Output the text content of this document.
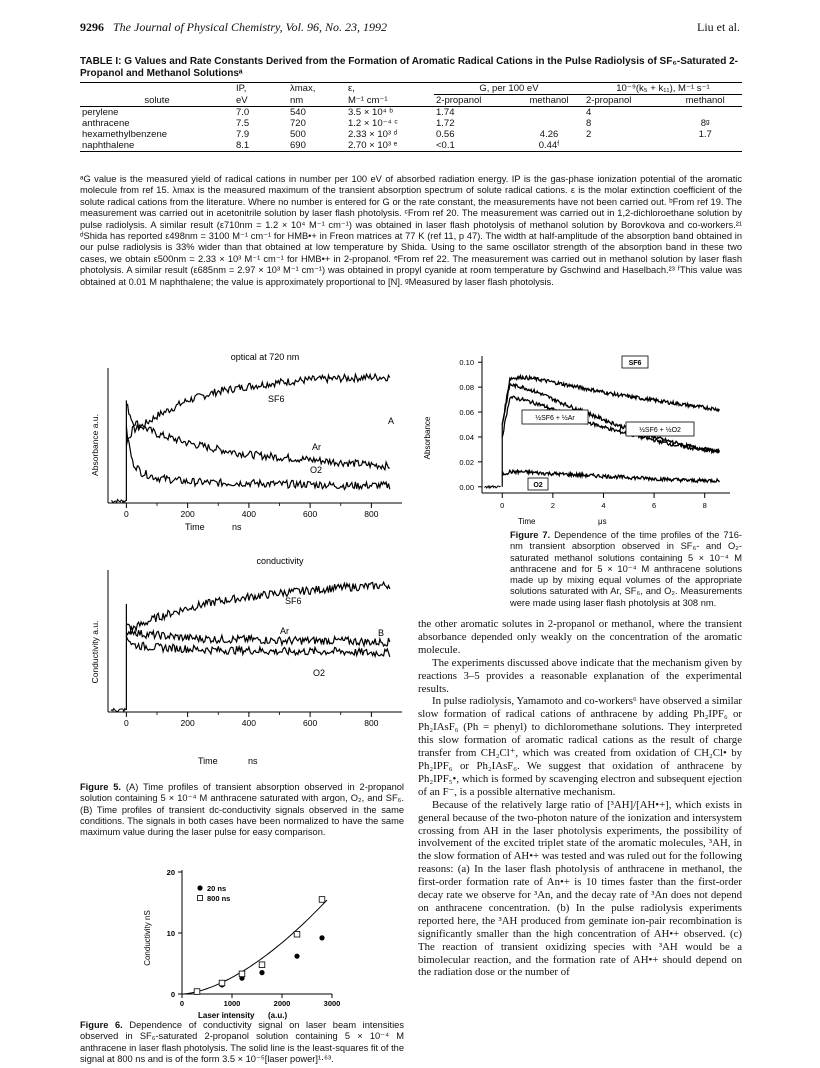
9296 The Journal of Physical Chemistry, Vol. 96, No. 23, 1992	Liu et al.
TABLE I: G Values and Rate Constants Derived from the Formation of Aromatic Radical Cations in the Pulse Radiolysis of SF₆-Saturated 2-Propanol and Methanol Solutionsᵃ
	IP,	λmax,	ε,	G, per 100 eV		10⁻⁹(k₅ + k₁₁), M⁻¹ s⁻¹	
solute	eV	nm	M⁻¹ cm⁻¹	2-propanol	methanol	2-propanol	methanol
perylene	7.0	540	3.5 × 10⁴ ᵇ	1.74		4	
anthracene	7.5	720	1.2 × 10⁻⁴ ᶜ	1.72		8	8ᵍ
hexamethylbenzene	7.9	500	2.33 × 10³ ᵈ	0.56	4.26	2	1.7
naphthalene	8.1	690	2.70 × 10³ ᵉ	<0.1	0.44ᶠ		
ᵃG value is the measured yield of radical cations in number per 100 eV of absorbed radiation energy. IP is the gas-phase ionization potential of the aromatic molecule from ref 15. λmax is the measured maximum of the transient absorption spectrum of solute radical cations. ε is the molar extinction coefficient of the solute radical cations from the literature. Where no number is entered for G or the rate constant, the measurements have not been carried out. ᵇFrom ref 19. The measurement was carried out in acetonitrile solution by laser flash photolysis. ᶜFrom ref 20. The measurement was carried out in 1,2-dichloroethane solution by pulse radiolysis. A similar result (ε710nm = 1.2 × 10⁴ M⁻¹ cm⁻¹) was obtained in laser flash photolysis of methanol solution by Borovkova and co-workers.²¹ ᵈShida has reported ε498nm = 3100 M⁻¹ cm⁻¹ for HMB•+ in Freon matrices at 77 K (ref 11, p 47). The width at half-amplitude of the absorption band obtained in our pulse radiolysis is 33% wider than that obtained at low temperature by Shida. Using to the same oscillator strength of the absorption band in these two cases, we obtain ε500nm = 2.33 × 10³ M⁻¹ cm⁻¹ for HMB•+ in 2-propanol. ᵉFrom ref 22. The measurement was carried out in methanol solution by laser flash photolysis. A similar result (ε685nm = 2.97 × 10³ M⁻¹ cm⁻¹) was obtained in propyl cyanide at room temperature by Gschwind and Haselbach.²³ ᶠThis value was obtained at 0.01 M naphthalene; the value is approximately proportional to [N]. ᵍMeasured by laser flash photolysis.
optical at 720 nm
Absorbance a.u.
0	200	400	600	800
SF6
Ar
O2
A
Time	ns
conductivity
Conductivity a.u.
0	200	400	600	800
SF6
Ar
O2
B
Time	ns
Figure 5. (A) Time profiles of transient absorption observed in 2-propanol solution containing 5 × 10⁻⁴ M anthracene saturated with argon, O₂, and SF₆. (B) Time profiles of transient dc-conductivity signals observed in the same conditions. The signals in both cases have been normalized to have the same maximum value during the laser pulse for easy comparison.
Conductivity nS
0	1000	2000	3000
0
10
20
20 ns
800 ns
Laser intensity (a.u.)
Figure 6. Dependence of conductivity signal on laser beam intensities observed in SF₆-saturated 2-propanol solution containing 5 × 10⁻⁴ M anthracene in laser flash photolysis. The solid line is the least-squares fit of the signal at 800 ns and is of the form 3.5 × 10⁻⁵[laser power]¹·⁶³.
Absorbance
0.00
0.02
0.04
0.06
0.08
0.10
0	2	4	6	8
SF6
½SF6 + ½Ar
½SF6 + ½O2
O2
Time	μs
Figure 7. Dependence of the time profiles of the 716-nm transient absorption observed in SF₆- and O₂-saturated methanol solutions containing 5 × 10⁻⁴ M anthracene and for 5 × 10⁻⁴ M anthracene solutions made up by mixing equal volumes of the appropriate solutions saturated with Ar, SF₆, and O₂. Measurements were made using laser flash photolysis at 308 nm.

the other aromatic solutes in 2-propanol or methanol, where the transient absorbance depended only weakly on the concentration of the aromatic molecule.

The experiments discussed above indicate that the mechanism given by reactions 3–5 provides a reasonable explanation of the experimental results.

In pulse radiolysis, Yamamoto and co-workers⁶ have observed a similar slow formation of radical cations of anthracene by adding Ph₂IPF₆ or Ph₂IAsF₆ (Ph = phenyl) to dichloromethane solutions. They interpreted this slow formation of aromatic radical cations as the result of charge transfer from CH₂Cl⁺, which was created from oxidation of CH₂Cl• by Ph₂IPF₆ or Ph₂IAsF₆. We suggest that oxidation of anthracene by Ph₂IPF₅•, which is formed by scavenging electron and subsequent ejection of an F⁻, is a possible alternative mechanism.

Because of the relatively large ratio of [³AH]/[AH•+], which exists in general because of the two-photon nature of the ionization and intersystem crossing from AH in the laser photolysis experiments, the possibility of involvement of the excited triplet state of the aromatic molecules, ³AH, in the slow formation of AH•+ was tested and was ruled out for the following reasons: (a) In the laser flash photolysis of anthracene in methanol, the first-order formation rate of An•+ is 10 times faster than the first-order decay rate we observe for ³An, and the decay rate of ³An does not depend on anthracene concentration. (b) In the pulse radiolysis experiments reported here, the ³AH produced from geminate ion-pair recombination is significantly smaller than the high concentration of AH•+ observed. (c) The reaction of transient oxidizing species with ³AH would be a bimolecular reaction, and the formation rate of AH•+ should depend on the radiation dose or the number of
